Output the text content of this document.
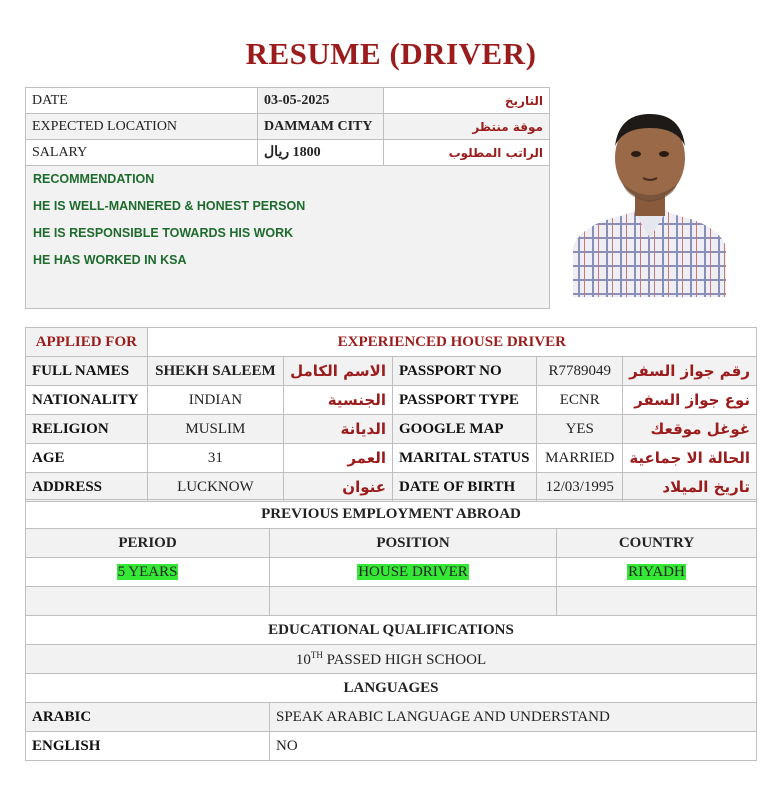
RESUME (DRIVER)
DATE	03-05-2025	التاريخ
EXPECTED LOCATION	DAMMAM CITY	موقة منتظر
SALARY	1800 ريال	الراتب المطلوب
RECOMMENDATION
HE IS WELL-MANNERED & HONEST PERSON
HE IS RESPONSIBLE TOWARDS HIS WORK
HE HAS WORKED IN KSA
APPLIED FOR	EXPERIENCED HOUSE DRIVER				
FULL NAMES	SHEKH SALEEM	الاسم الكامل	PASSPORT NO	R7789049	رقم جواز السفر
NATIONALITY	INDIAN	الجنسية	PASSPORT TYPE	ECNR	نوع جواز السفر
RELIGION	MUSLIM	الديانة	GOOGLE MAP	YES	غوغل موقعك
AGE	31	العمر	MARITAL STATUS	MARRIED	الحالة الا جماعية
ADDRESS	LUCKNOW	عنوان	DATE OF BIRTH	12/03/1995	تاريخ الميلاد
PREVIOUS EMPLOYMENT ABROAD		
PERIOD	POSITION	COUNTRY
5 YEARS	HOUSE DRIVER	RIYADH

EDUCATIONAL QUALIFICATIONS		
10TH PASSED HIGH SCHOOL		
LANGUAGES		
ARABIC	SPEAK ARABIC LANGUAGE AND UNDERSTAND	
ENGLISH	NO	
